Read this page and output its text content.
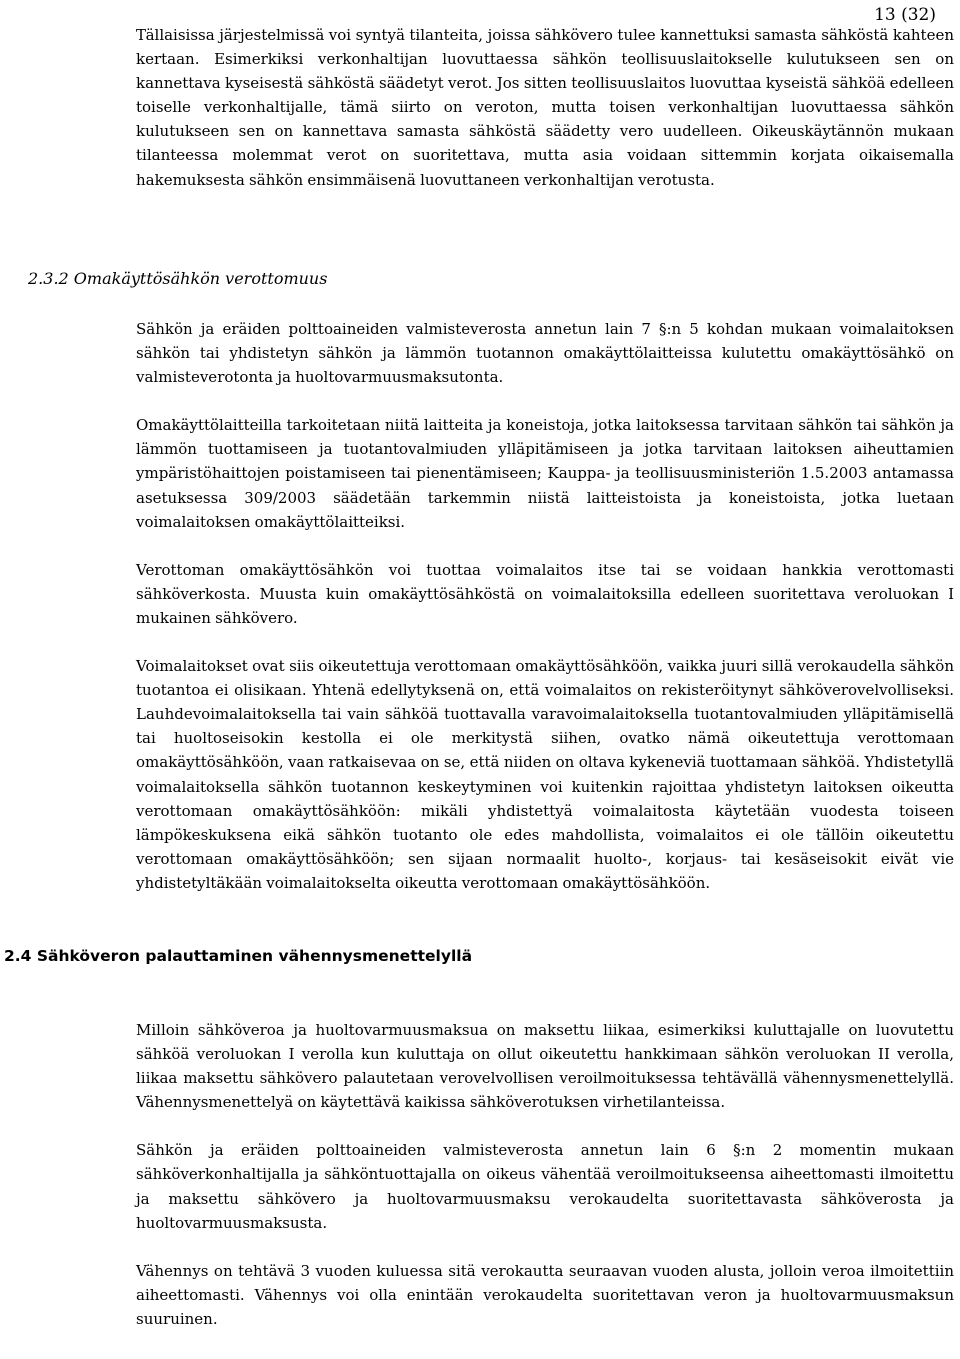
13 (32)

Tällaisissa järjestelmissä voi syntyä tilanteita, joissa sähkövero tulee kannettuksi samasta sähköstä kahteen kertaan. Esimerkiksi verkonhaltijan luovuttaessa sähkön teollisuuslaitokselle kulutukseen sen on kannettava kyseisestä sähköstä säädetyt verot. Jos sitten teollisuuslaitos luovuttaa kyseistä sähköä edelleen toiselle verkonhaltijalle, tämä siirto on veroton, mutta toisen verkonhaltijan luovuttaessa sähkön kulutukseen sen on kannettava samasta sähköstä säädetty vero uudelleen. Oikeuskäytännön mukaan tilanteessa molemmat verot on suoritettava, mutta asia voidaan sittemmin korjata oikaisemalla hakemuksesta sähkön ensimmäisenä luovuttaneen verkonhaltijan verotusta.

2.3.2 Omakäyttösähkön verottomuus

Sähkön ja eräiden polttoaineiden valmisteverosta annetun lain 7 §:n 5 kohdan mukaan voimalaitoksen sähkön tai yhdistetyn sähkön ja lämmön tuotannon omakäyttölaitteissa kulutettu omakäyttösähkö on valmisteverotonta ja huoltovarmuusmaksutonta.

Omakäyttölaitteilla tarkoitetaan niitä laitteita ja koneistoja, jotka laitoksessa tarvitaan sähkön tai sähkön ja lämmön tuottamiseen ja tuotantovalmiuden ylläpitämiseen ja jotka tarvitaan laitoksen aiheuttamien ympäristöhaittojen poistamiseen tai pienentämiseen; Kauppa- ja teollisuusministeriön 1.5.2003 antamassa asetuksessa 309/2003 säädetään tarkemmin niistä laitteistoista ja koneistoista, jotka luetaan voimalaitoksen omakäyttölaitteiksi.

Verottoman omakäyttösähkön voi tuottaa voimalaitos itse tai se voidaan hankkia verottomasti sähköverkosta. Muusta kuin omakäyttösähköstä on voimalaitoksilla edelleen suoritettava veroluokan I mukainen sähkövero.

Voimalaitokset ovat siis oikeutettuja verottomaan omakäyttösähköön, vaikka juuri sillä verokaudella sähkön tuotantoa ei olisikaan. Yhtenä edellytyksenä on, että voimalaitos on rekisteröitynyt sähköverovelvolliseksi. Lauhdevoimalaitoksella tai vain sähköä tuottavalla varavoimalaitoksella tuotantovalmiuden ylläpitämisellä tai huoltoseisokin kestolla ei ole merkitystä siihen, ovatko nämä oikeutettuja verottomaan omakäyttösähköön, vaan ratkaisevaa on se, että niiden on oltava kykeneviä tuottamaan sähköä. Yhdistetyllä voimalaitoksella sähkön tuotannon keskeytyminen voi kuitenkin rajoittaa yhdistetyn laitoksen oikeutta verottomaan omakäyttösähköön: mikäli yhdistettyä voimalaitosta käytetään vuodesta toiseen lämpökeskuksena eikä sähkön tuotanto ole edes mahdollista, voimalaitos ei ole tällöin oikeutettu verottomaan omakäyttösähköön; sen sijaan normaalit huolto-, korjaus- tai kesäseisokit eivät vie yhdistetyltäkään voimalaitokselta oikeutta verottomaan omakäyttösähköön.

2.4 Sähköveron palauttaminen vähennysmenettelyllä

Milloin sähköveroa ja huoltovarmuusmaksua on maksettu liikaa, esimerkiksi kuluttajalle on luovutettu sähköä veroluokan I verolla kun kuluttaja on ollut oikeutettu hankkimaan sähkön veroluokan II verolla, liikaa maksettu sähkövero palautetaan verovelvollisen veroilmoituksessa tehtävällä vähennysmenettelyllä. Vähennysmenettelyä on käytettävä kaikissa sähköverotuksen virhetilanteissa.

Sähkön ja eräiden polttoaineiden valmisteverosta annetun lain 6 §:n 2 momentin mukaan sähköverkonhaltijalla ja sähköntuottajalla on oikeus vähentää veroilmoitukseensa aiheettomasti ilmoitettu ja maksettu sähkövero ja huoltovarmuusmaksu verokaudelta suoritettavasta sähköverosta ja huoltovarmuusmaksusta.

Vähennys on tehtävä 3 vuoden kuluessa sitä verokautta seuraavan vuoden alusta, jolloin veroa ilmoitettiin aiheettomasti. Vähennys voi olla enintään verokaudelta suoritettavan veron ja huoltovarmuusmaksun suuruinen.
